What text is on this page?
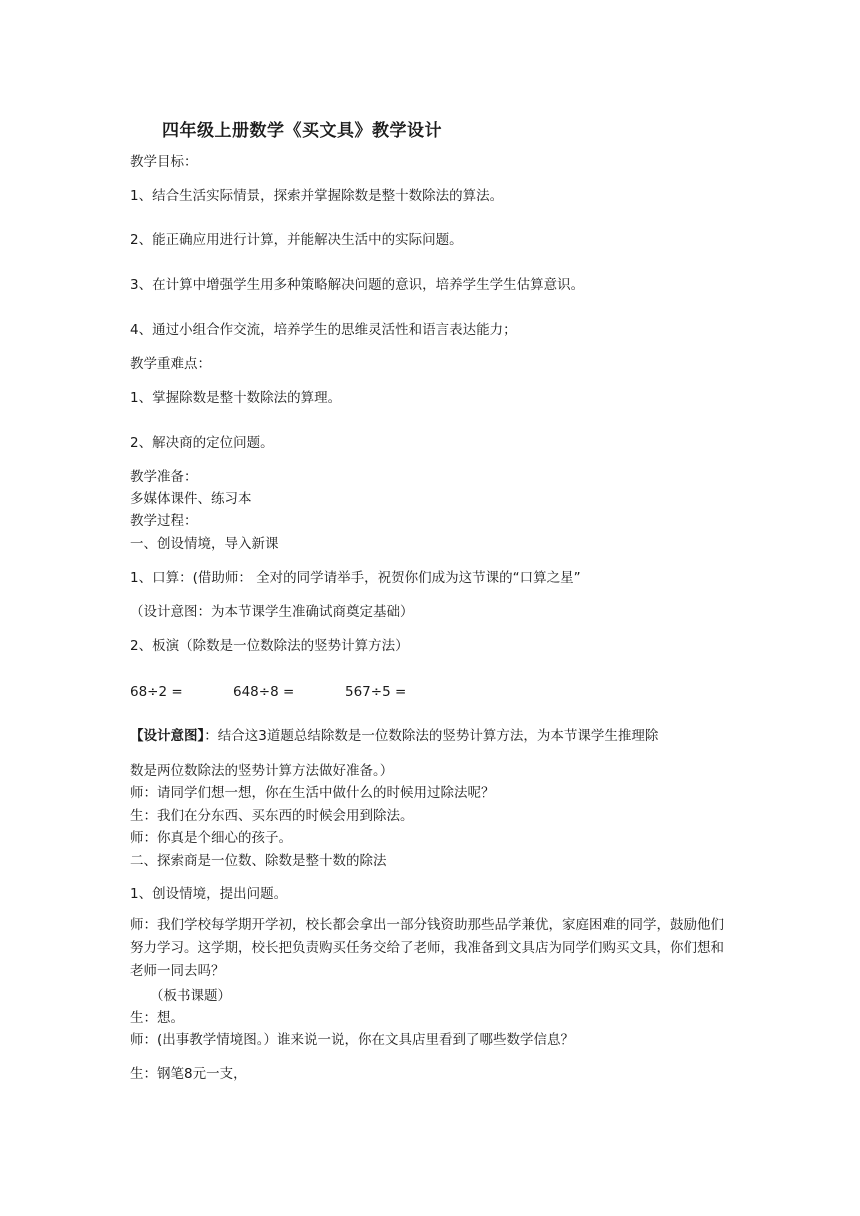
四年级上册数学《买文具》教学设计
教学目标：
1、结合生活实际情景，探索并掌握除数是整十数除法的算法。
2、能正确应用进行计算，并能解决生活中的实际问题。
3、在计算中增强学生用多种策略解决问题的意识，培养学生学生估算意识。
4、通过小组合作交流，培养学生的思维灵活性和语言表达能力；
教学重难点：
1、掌握除数是整十数除法的算理。
2、解决商的定位问题。
教学准备：
多媒体课件、练习本
教学过程：
一、创设情境，导入新课
1、口算：(借助师： 全对的同学请举手，祝贺你们成为这节课的“口算之星”
（设计意图：为本节课学生准确试商奠定基础）
2、板演（除数是一位数除法的竖势计算方法）
68÷2 =	648÷8 =	567÷5 =
【设计意图】：结合这3道题总结除数是一位数除法的竖势计算方法，为本节课学生推理除
数是两位数除法的竖势计算方法做好准备。）
师：请同学们想一想，你在生活中做什么的时候用过除法呢？
生：我们在分东西、买东西的时候会用到除法。
师：你真是个细心的孩子。
二、探索商是一位数、除数是整十数的除法
1、创设情境，提出问题。
师：我们学校每学期开学初，校长都会拿出一部分钱资助那些品学兼优，家庭困难的同学，鼓励他们努力学习。这学期，校长把负责购买任务交给了老师，我准备到文具店为同学们购买文具，你们想和老师一同去吗？
（板书课题）
生：想。
师：(出事教学情境图。）谁来说一说，你在文具店里看到了哪些数学信息？
生：钢笔8元一支，
